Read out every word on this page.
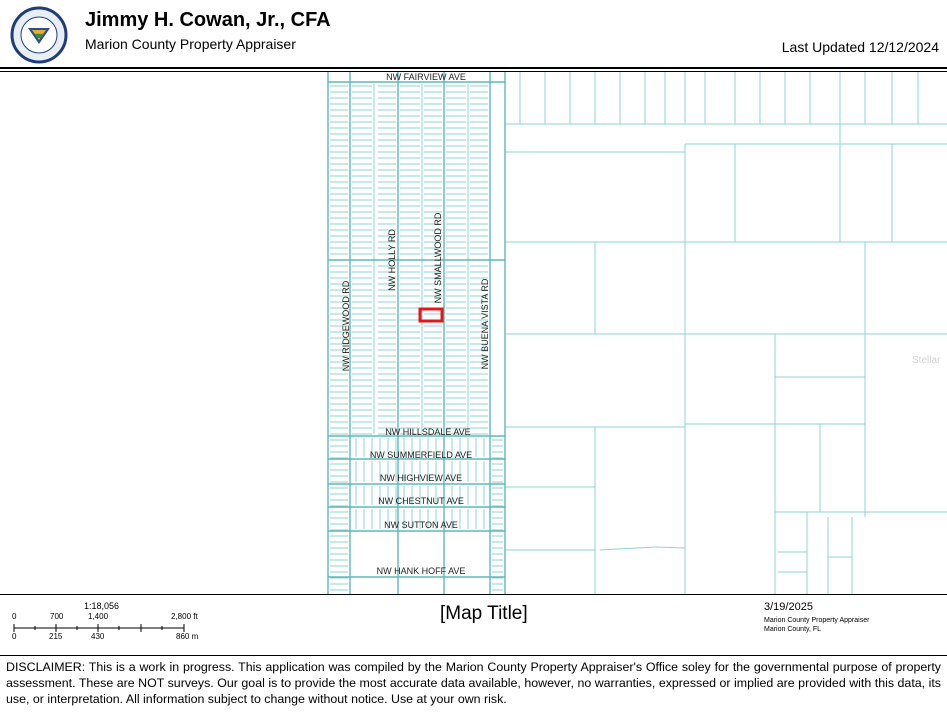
Jimmy H. Cowan, Jr., CFA
Marion County Property Appraiser	Last Updated 12/12/2024
NW FAIRVIEW AVE
NW RIDGEWOOD RD
NW HOLLY RD	NW SMALLWOOD RD
NW BUENA VISTA RD
NW HILLSDALE AVE
NW SUMMERFIELD AVE
NW HIGHVIEW AVE
NW CHESTNUT AVE
NW SUTTON AVE
NW HANK HOFF AVE
Stellar
1:18,056
0	700	1,400	2,800 ft
0	215	430	860 m
[Map Title]	3/19/2025
Marion County Property Appraiser
Marion County, FL
DISCLAIMER: This is a work in progress. This application was compiled by the Marion County Property Appraiser's Office soley for the governmental purpose of property assessment. These are NOT surveys. Our goal is to provide the most accurate data available, however, no warranties, expressed or implied are provided with this data, its use, or interpretation. All information subject to change without notice. Use at your own risk.
